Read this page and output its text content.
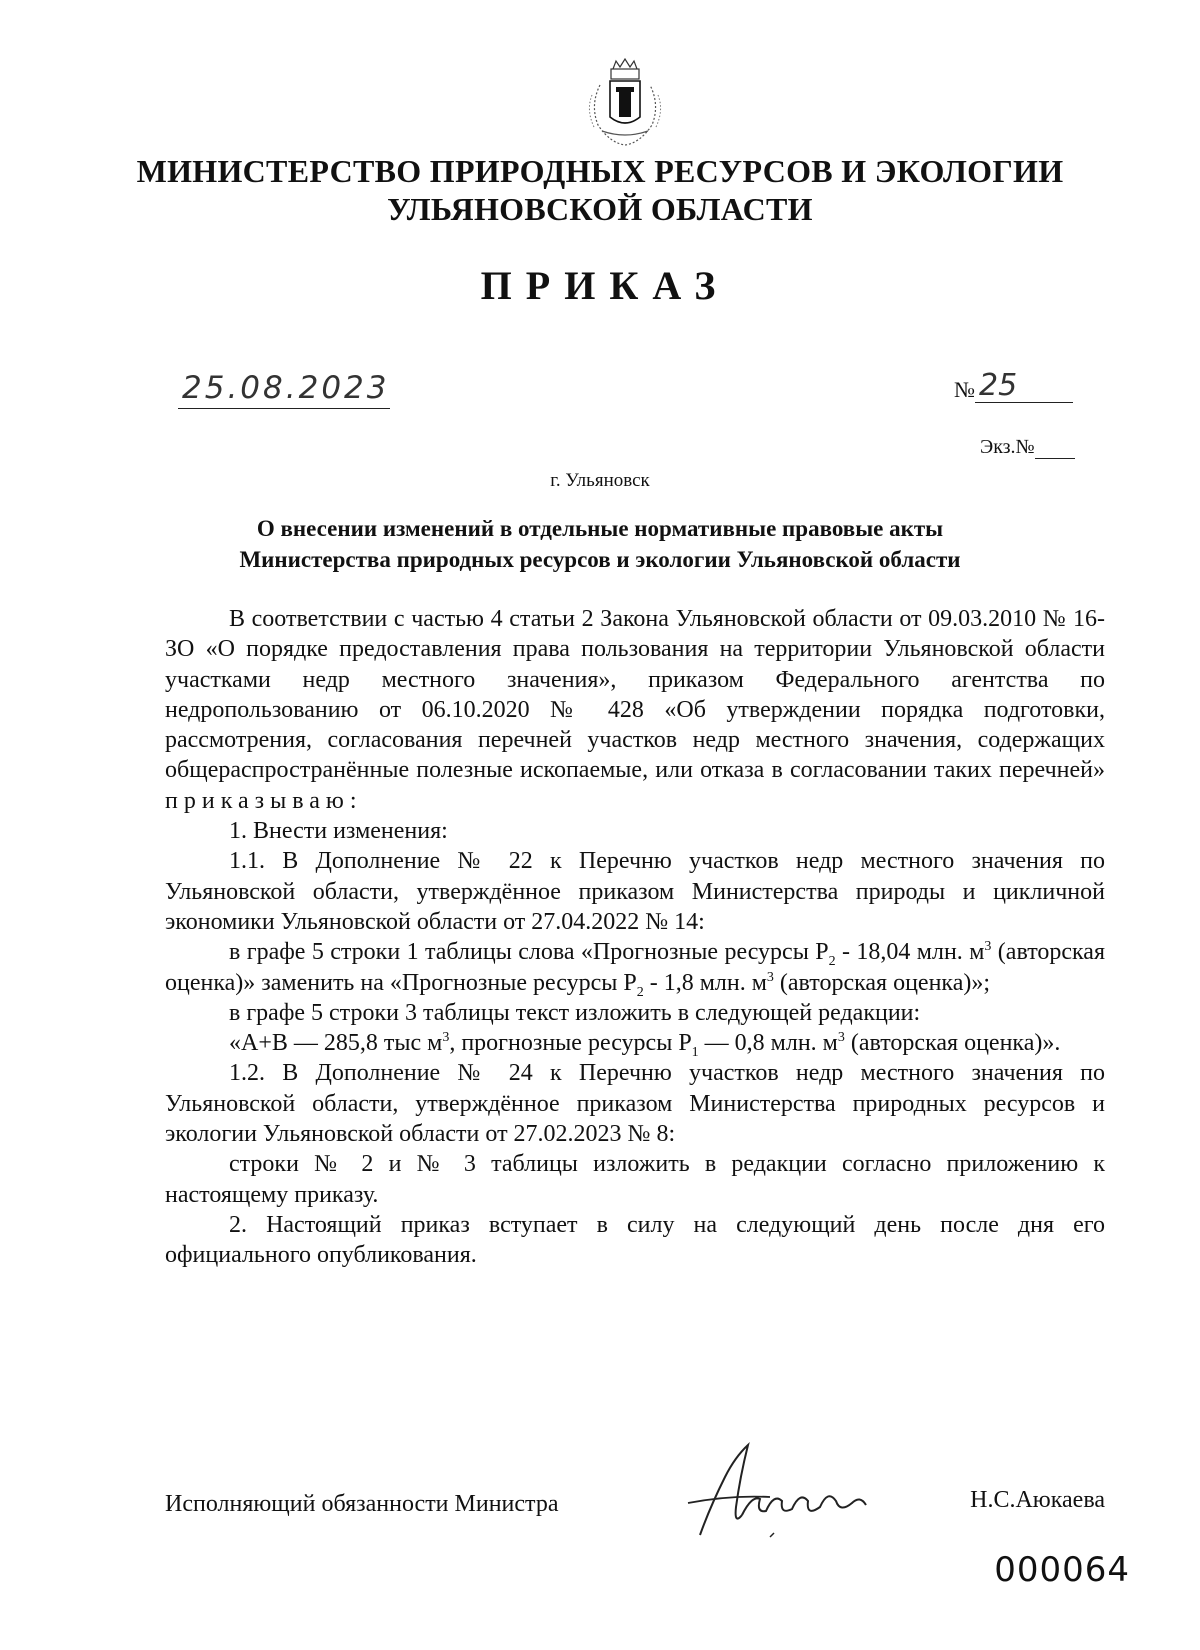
МИНИСТЕРСТВО ПРИРОДНЫХ РЕСУРСОВ И ЭКОЛОГИИ
УЛЬЯНОВСКОЙ ОБЛАСТИ
ПРИКАЗ
25.08.2023	№ 25
Экз.№
г. Ульяновск
О внесении изменений в отдельные нормативные правовые акты
Министерства природных ресурсов и экологии Ульяновской области

В соответствии с частью 4 статьи 2 Закона Ульяновской области от 09.03.2010 № 16-ЗО «О порядке предоставления права пользования на территории Ульяновской области участками недр местного значения», приказом Федерального агентства по недропользованию от 06.10.2020 № 428 «Об утверждении порядка подготовки, рассмотрения, согласования перечней участков недр местного значения, содержащих общераспространённые полезные ископаемые, или отказа в согласовании таких перечней» приказываю:

1. Внести изменения:

1.1. В Дополнение № 22 к Перечню участков недр местного значения по Ульяновской области, утверждённое приказом Министерства природы и цикличной экономики Ульяновской области от 27.04.2022 № 14:

в графе 5 строки 1 таблицы слова «Прогнозные ресурсы $Р_2 - 18,04$ млн. $м^3$ (авторская оценка)» заменить на «Прогнозные ресурсы $Р_2 - 1,8$ млн. $м^3$ (авторская оценка)»;

в графе 5 строки 3 таблицы текст изложить в следующей редакции:

«А+В — 285,8 тыс $м^3$, прогнозные ресурсы $Р_1$ — 0,8 млн. $м^3$ (авторская оценка)».

1.2. В Дополнение № 24 к Перечню участков недр местного значения по Ульяновской области, утверждённое приказом Министерства природных ресурсов и экологии Ульяновской области от 27.02.2023 № 8:

строки № 2 и № 3 таблицы изложить в редакции согласно приложению к настоящему приказу.

2. Настоящий приказ вступает в силу на следующий день после дня его официального опубликования.

Исполняющий обязанности Министра	Н.С.Аюкаева
000064
